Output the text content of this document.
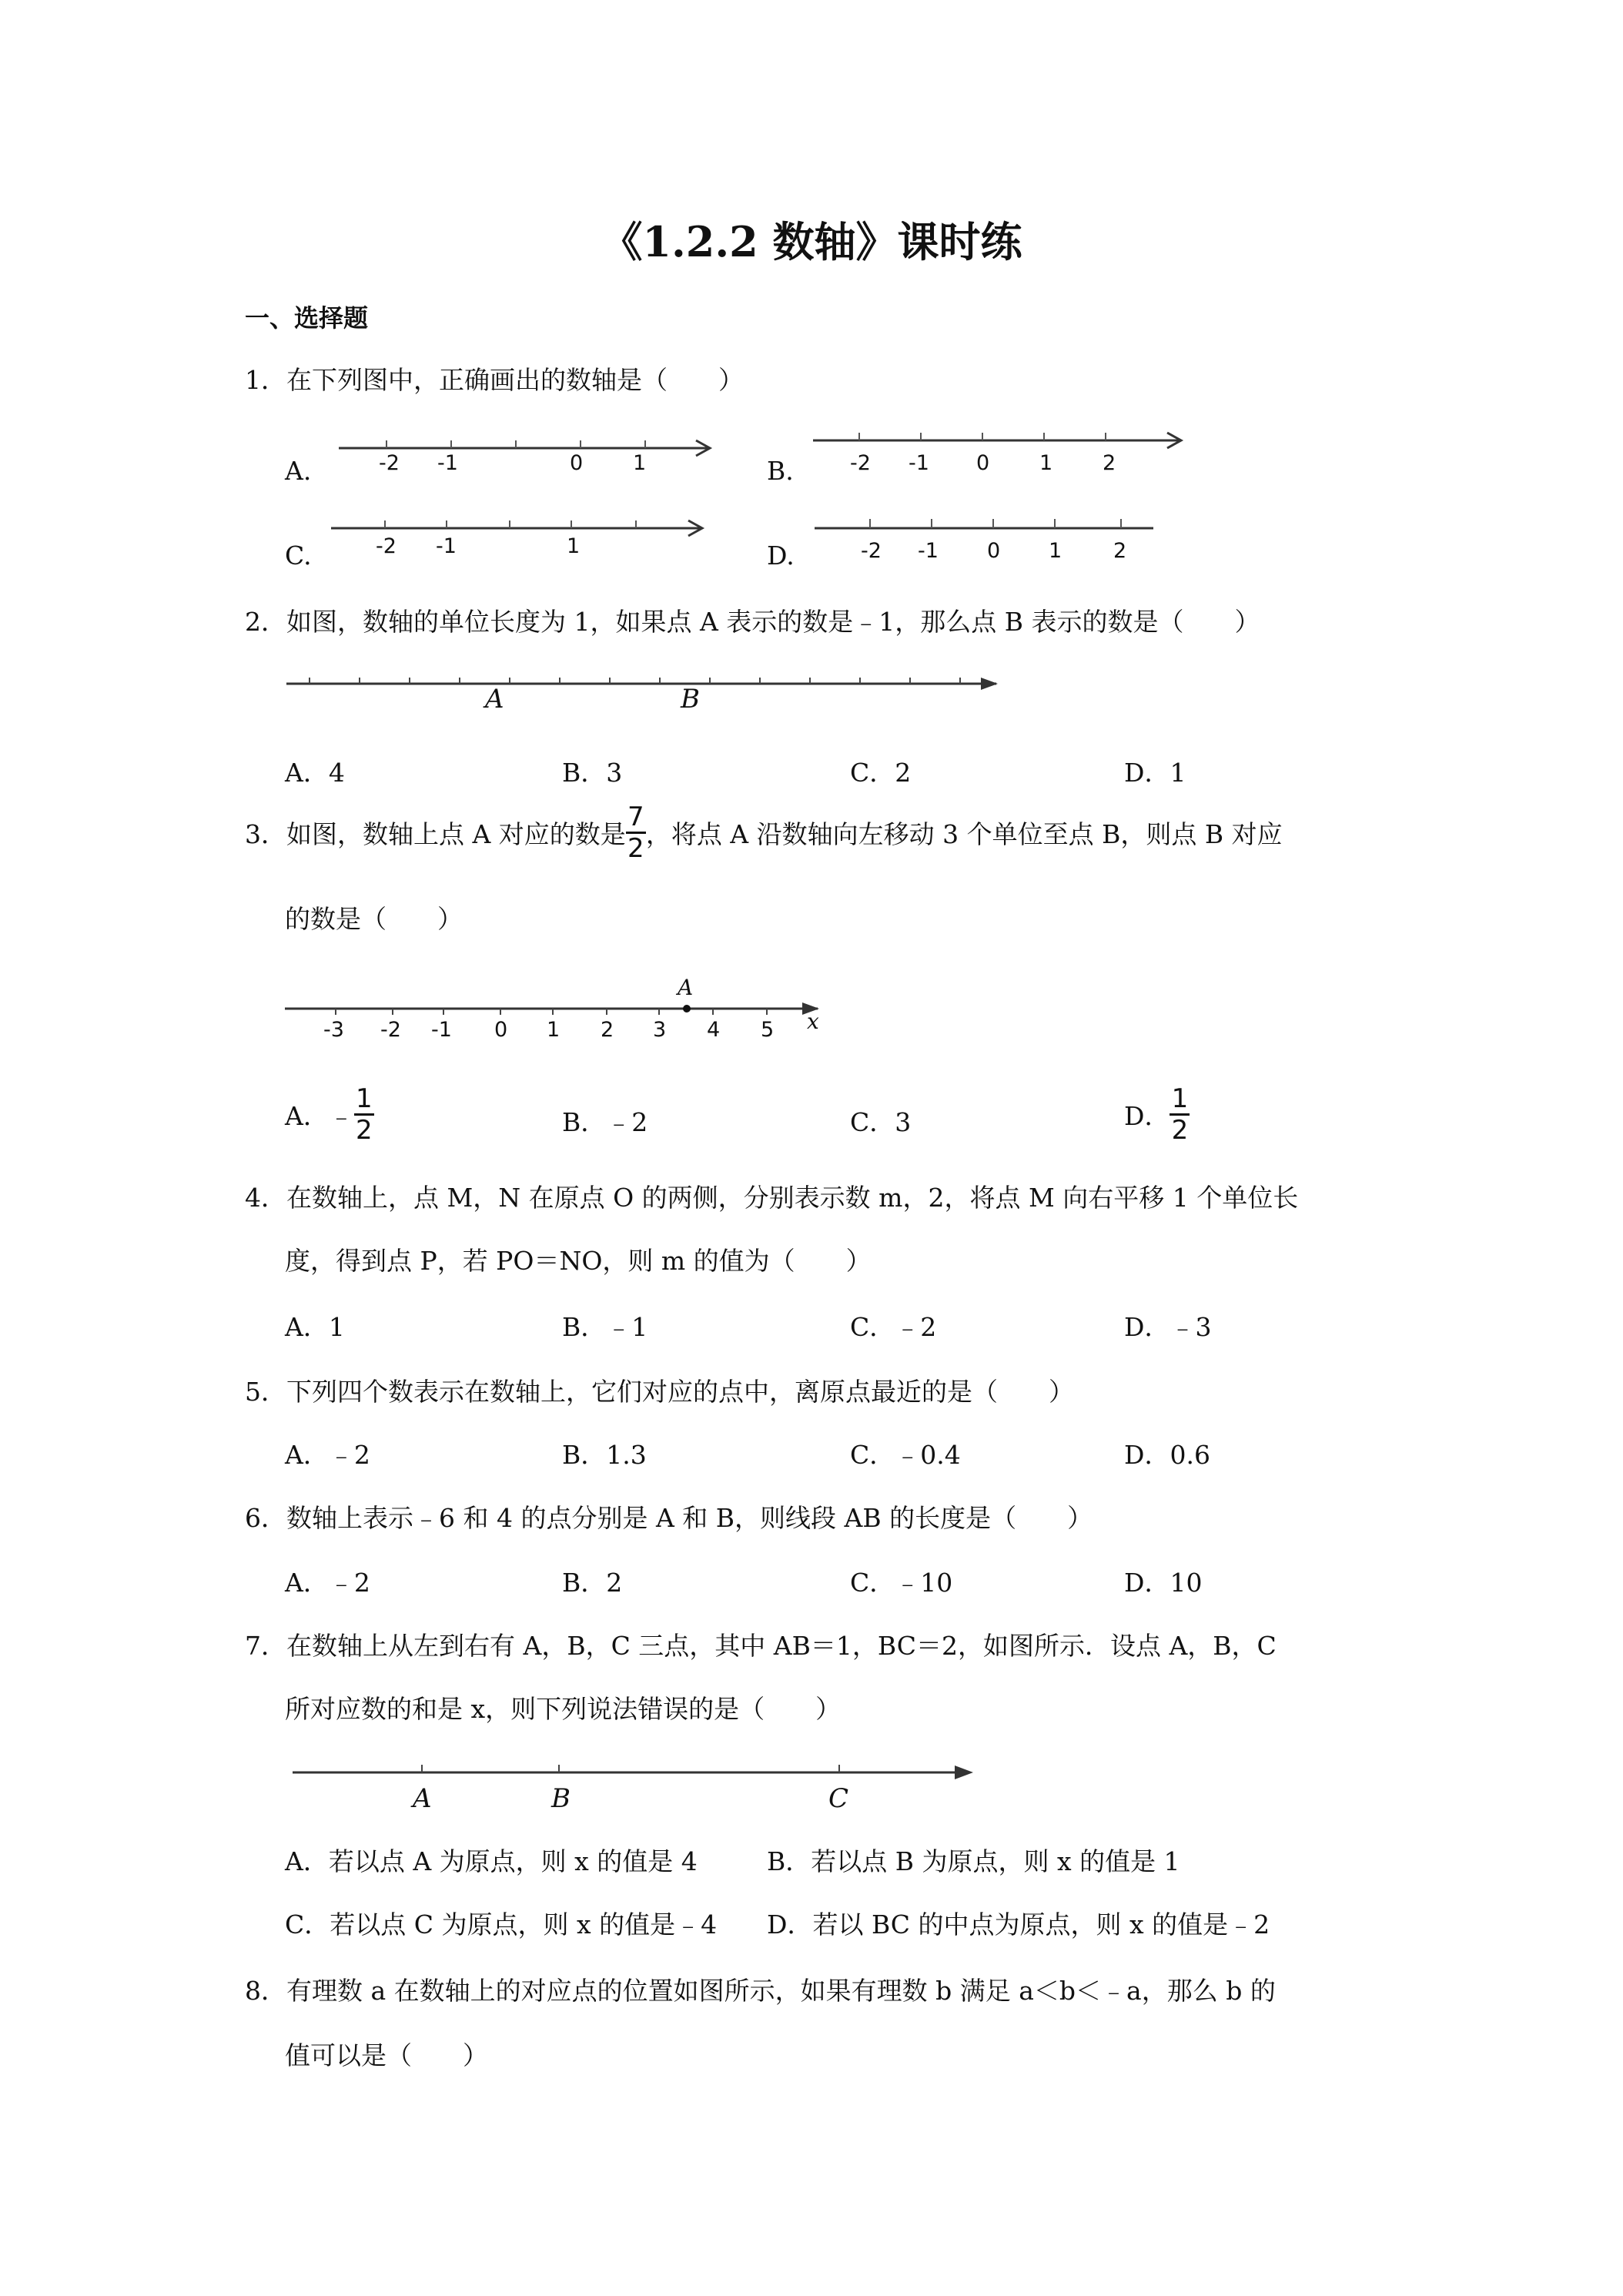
《1.2.2 数轴》课时练
一、选择题
1．在下列图中，正确画出的数轴是（　　）
A.	B.
C.	D.
-2 -1	0 1	-2 -1 0 1 2
-2 -1	1	-2 -1 0 1 2
2．如图，数轴的单位长度为 1，如果点 A 表示的数是﹣1，那么点 B 表示的数是（　　）
A	B
A．4	B．3	C．2	D．1
3．如图，数轴上点 A 对应的数是 $\frac{7}{2}$ ，将点 A 沿数轴向左移动 3 个单位至点 B，则点 B 对应
的数是（　　）
A
-3 -2 -1 0 1 2 3 4 5 x
A．﹣ $\frac{1}{2}$	B．﹣2	C．3	D． $\frac{1}{2}$
4．在数轴上，点 M，N 在原点 O 的两侧，分别表示数 m，2，将点 M 向右平移 1 个单位长
度，得到点 P，若 PO＝NO，则 m 的值为（　　）
A．1	B．﹣1	C．﹣2	D．﹣3
5．下列四个数表示在数轴上，它们对应的点中，离原点最近的是（　　）
A．﹣2	B．1.3	C．﹣0.4	D．0.6
6．数轴上表示﹣6 和 4 的点分别是 A 和 B，则线段 AB 的长度是（　　）
A．﹣2	B．2	C．﹣10	D．10
7．在数轴上从左到右有 A，B，C 三点，其中 AB＝1，BC＝2，如图所示．设点 A，B，C
所对应数的和是 x，则下列说法错误的是（　　）
A	B	C
A．若以点 A 为原点，则 x 的值是 4	B．若以点 B 为原点，则 x 的值是 1
C．若以点 C 为原点，则 x 的值是﹣4 D．若以 BC 的中点为原点，则 x 的值是﹣2
8．有理数 a 在数轴上的对应点的位置如图所示，如果有理数 b 满足 a＜b＜﹣a，那么 b 的
值可以是（　　）
